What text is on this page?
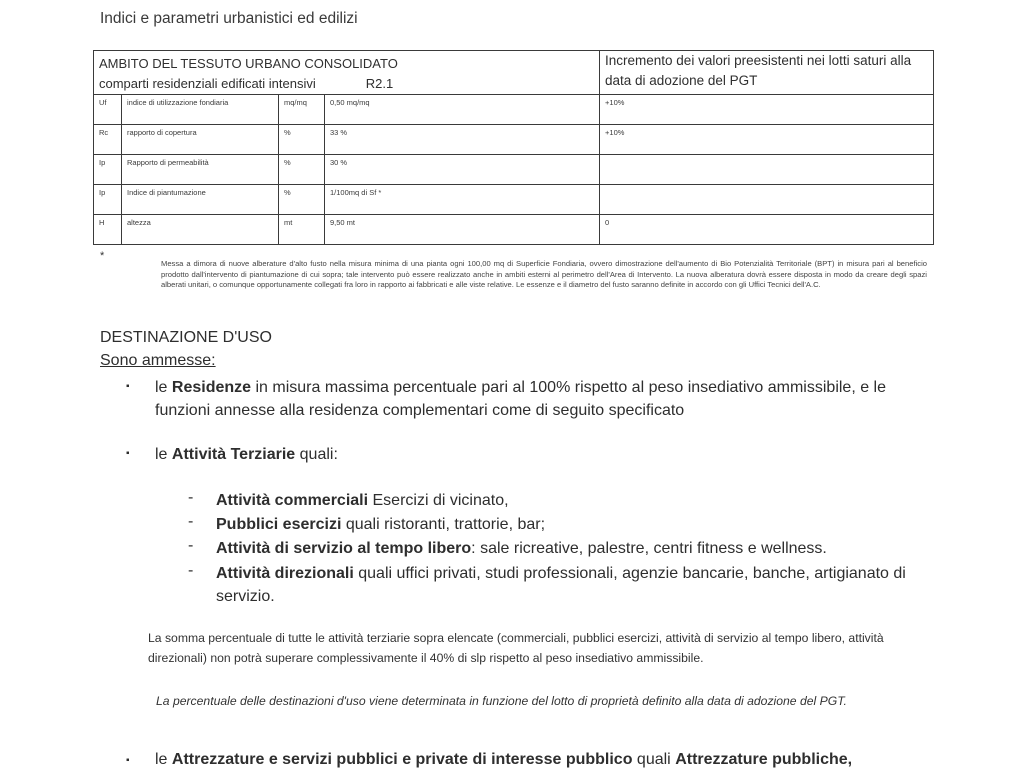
Indici e parametri urbanistici ed edilizi
AMBITO DEL TESSUTO URBANO CONSOLIDATO
comparti residenziali edificati intensivi R2.1				Incremento dei valori preesistenti nei lotti saturi alla data di adozione del PGT
Uf	indice di utilizzazione fondiaria	mq/mq	0,50 mq/mq	+10%
Rc	rapporto di copertura	%	33 %	+10%
Ip	Rapporto di permeabilità	%	30 %	
Ip	Indice di piantumazione	%	1/100mq di Sf *	
H	altezza	mt	9,50 mt	0
*
Messa a dimora di nuove alberature d'alto fusto nella misura minima di una pianta ogni 100,00 mq di Superficie Fondiaria, ovvero dimostrazione dell'aumento di Bio Potenzialità Territoriale (BPT) in misura pari al beneficio prodotto dall'intervento di piantumazione di cui sopra; tale intervento può essere realizzato anche in ambiti esterni al perimetro dell'Area di Intervento. La nuova alberatura dovrà essere disposta in modo da creare degli spazi alberati unitari, o comunque opportunamente collegati fra loro in rapporto ai fabbricati e alle viste relative. Le essenze e il diametro del fusto saranno definite in accordo con gli Uffici Tecnici dell'A.C.
DESTINAZIONE D'USO
Sono ammesse:
▪ le Residenze in misura massima percentuale pari al 100% rispetto al peso insediativo ammissibile, e le funzioni annesse alla residenza complementari come di seguito specificato
▪ le Attività Terziarie quali:
- Attività commerciali Esercizi di vicinato,
- Pubblici esercizi quali ristoranti, trattorie, bar;
- Attività di servizio al tempo libero: sale ricreative, palestre, centri fitness e wellness.
- Attività direzionali quali uffici privati, studi professionali, agenzie bancarie, banche, artigianato di servizio.
La somma percentuale di tutte le attività terziarie sopra elencate (commerciali, pubblici esercizi, attività di servizio al tempo libero, attività direzionali) non potrà superare complessivamente il 40% di slp rispetto al peso insediativo ammissibile.
La percentuale delle destinazioni d'uso viene determinata in funzione del lotto di proprietà definito alla data di adozione del PGT.
▪ le Attrezzature e servizi pubblici e private di interesse pubblico quali Attrezzature pubbliche,
